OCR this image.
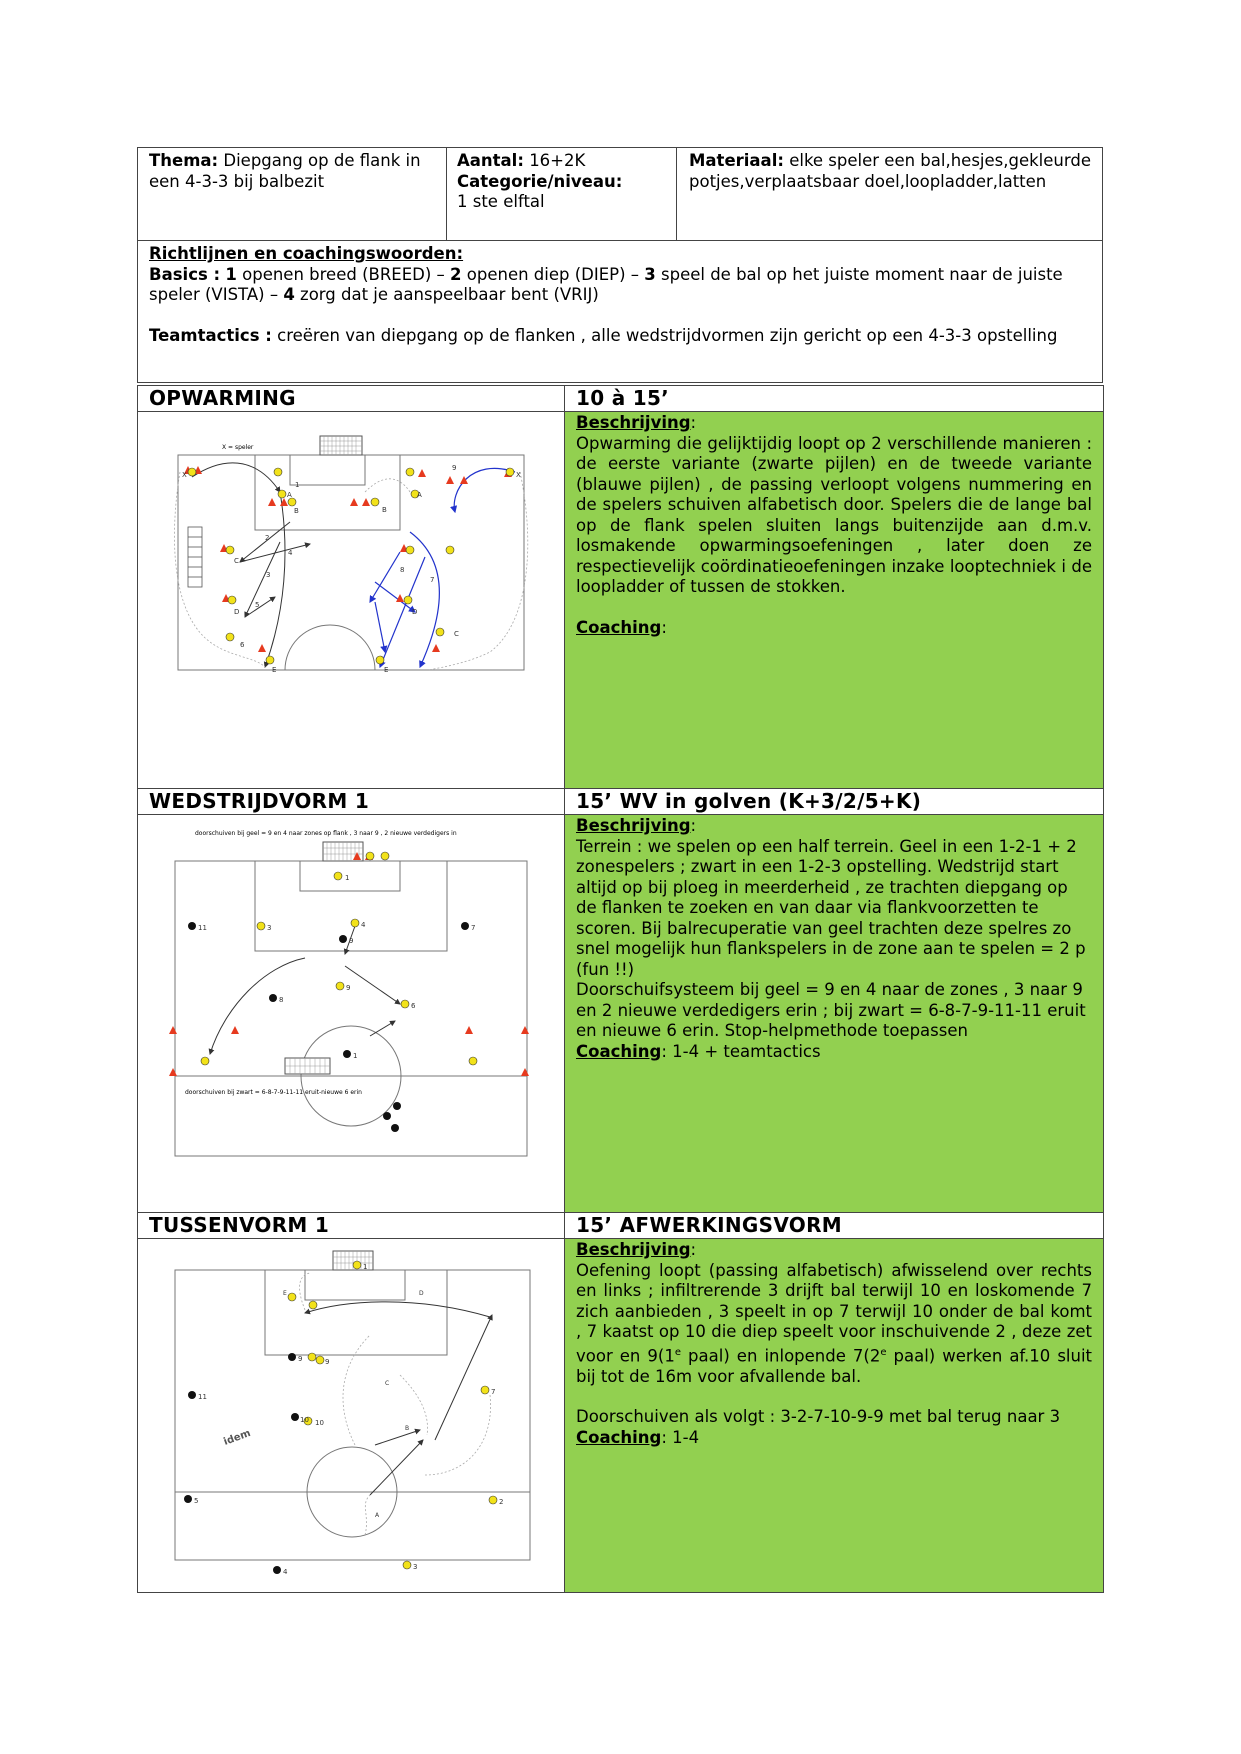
Thema: Diepgang op de flank in een 4-3-3 bij balbezit
Aantal: 16+2K
Categorie/niveau:
1 ste elftal
Materiaal: elke speler een bal,hesjes,gekleurde potjes,verplaatsbaar doel,loopladder,latten
Richtlijnen en coachingswoorden:
Basics : 1 openen breed (BREED) – 2 openen diep (DIEP) – 3 speel de bal op het juiste moment naar de juiste speler (VISTA) – 4 zorg dat je aanspeelbaar bent (VRIJ)
Teamtactics : creëren van diepgang op de flanken , alle wedstrijdvormen zijn gericht op een 4-3-3 opstelling
OPWARMING	10 à 15’
Beschrijving:
Opwarming die gelijktijdig loopt op 2 verschillende manieren : de eerste variante (zwarte pijlen) en de tweede variante (blauwe pijlen) , de passing verloopt volgens nummering en de spelers schuiven alfabetisch door. Spelers die de lange bal op de flank spelen sluiten langs buitenzijde aan d.m.v. losmakende opwarmingsoefeningen , later doen ze respectievelijk coördinatieoefeningen inzake looptechniek i de loopladder of tussen de stokken.
Coaching:
X = speler
A	A
B	B
C
C
D	D
E	E
1
2
3
4
5
6
7
8
9
X	X
WEDSTRIJDVORM 1	15’ WV in golven (K+3/2/5+K)
Beschrijving:
Terrein : we spelen op een half terrein. Geel in een 1-2-1 + 2 zonespelers ; zwart in een 1-2-3 opstelling. Wedstrijd start altijd op bij ploeg in meerderheid , ze trachten diepgang op de flanken te zoeken en van daar via flankvoorzetten te scoren. Bij balrecuperatie van geel trachten deze spelres zo snel mogelijk hun flankspelers in de zone aan te spelen = 2 p (fun !!)
Doorschuifsysteem bij geel = 9 en 4 naar de zones , 3 naar 9 en 2 nieuwe verdedigers erin ; bij zwart = 6-8-7-9-11-11 eruit en nieuwe 6 erin. Stop-helpmethode toepassen
Coaching: 1-4 + teamtactics
doorschuiven bij geel = 9 en 4 naar zones op flank , 3 naar 9 , 2 nieuwe verdedigers in
1
11	3	4	7
9
8
9
6
1
doorschuiven bij zwart = 6-8-7-9-11-11 eruit-nieuwe 6 erin
TUSSENVORM 1	15’ AFWERKINGSVORM
Beschrijving:
Oefening loopt (passing alfabetisch) afwisselend over rechts en links ; infiltrerende 3 drijft bal terwijl 10 en loskomende 7 zich aanbieden , 3 speelt in op 7 terwijl 10 onder de bal komt , 7 kaatst op 10 die diep speelt voor inschuivende 2 , deze zet voor en 9(1e paal) en inlopende 7(2e paal) werken af.10 sluit bij tot de 16m voor afvallende bal.
Doorschuiven als volgt : 3-2-7-10-9-9 met bal terug naar 3
Coaching: 1-4
1
9	9
11
10 10
7
5	2
4
3
E	D
C
B
A
idem
